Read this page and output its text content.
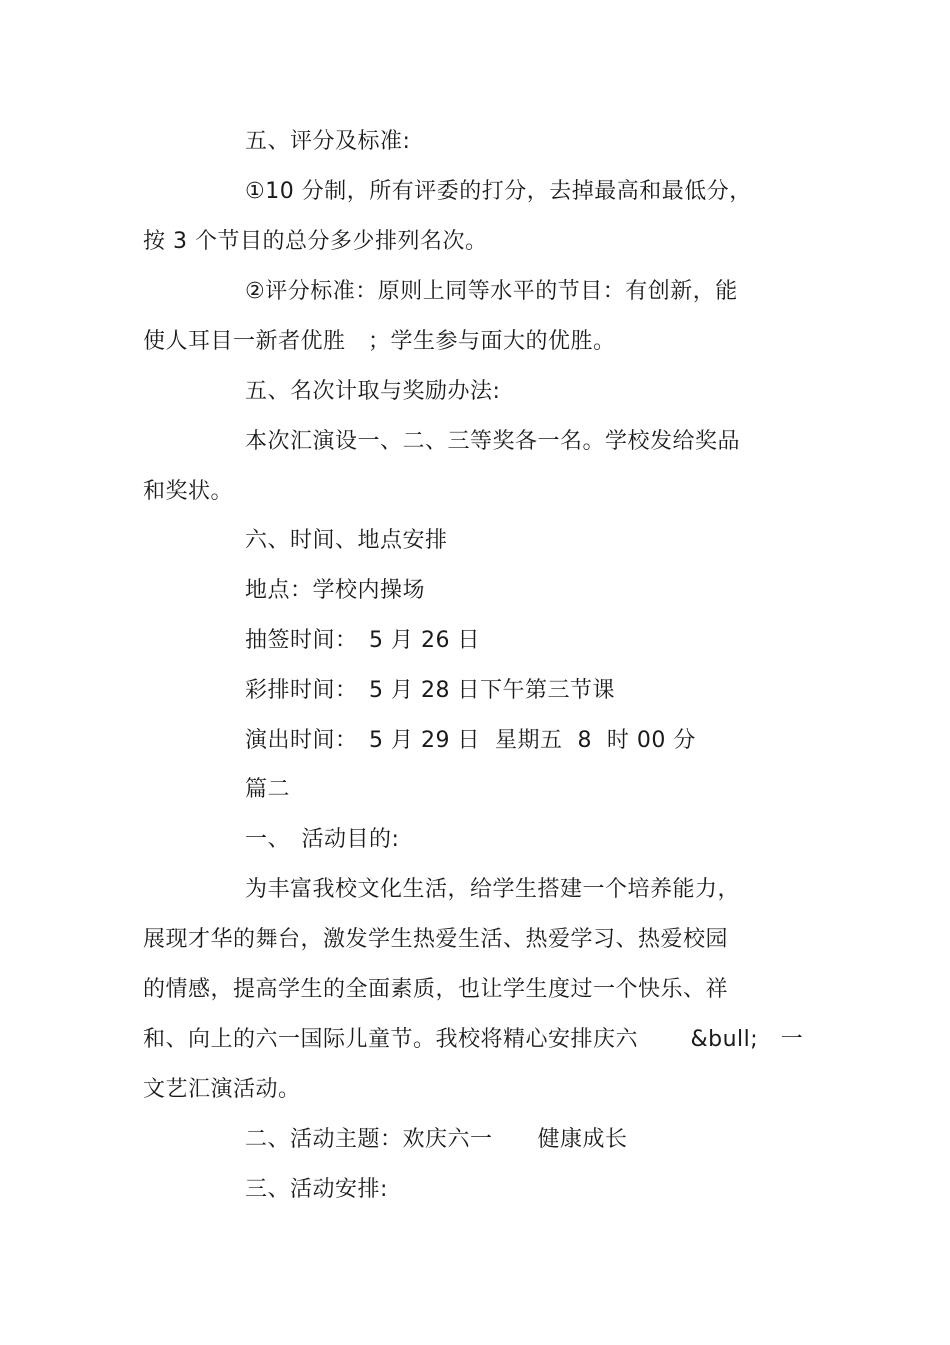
五、评分及标准:
①10 分制，所有评委的打分，去掉最高和最低分，
按 3 个节目的总分多少排列名次。
②评分标准：原则上同等水平的节目：有创新，能
使人耳目一新者优胜　；学生参与面大的优胜。
五、名次计取与奖励办法:
本次汇演设一、二、三等奖各一名。学校发给奖品
和奖状。
六、时间、地点安排
地点：学校内操场
抽签时间：　5 月 26 日
彩排时间：　5 月 28 日下午第三节课
演出时间：　5 月 29 日  星期五  8  时 00 分
篇二
一、　活动目的:
为丰富我校文化生活，给学生搭建一个培养能力，
展现才华的舞台，激发学生热爱生活、热爱学习、热爱校园
的情感，提高学生的全面素质，也让学生度过一个快乐、祥
和、向上的六一国际儿童节。我校将精心安排庆六　　 &bull;　一
文艺汇演活动。
二、活动主题：欢庆六一　　健康成长
三、活动安排:
